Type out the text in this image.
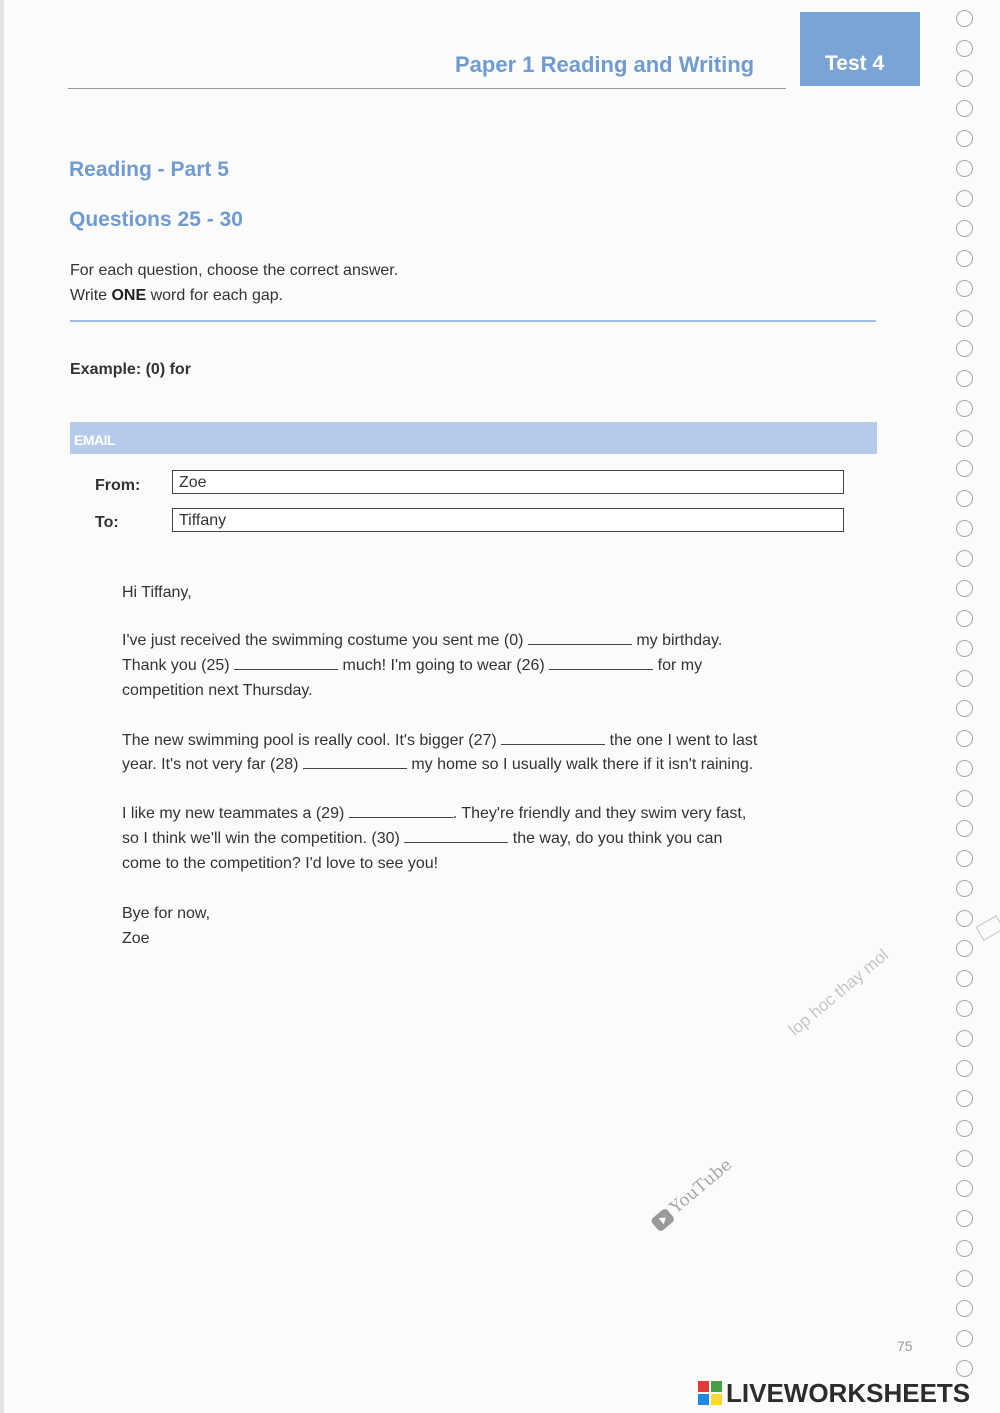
Paper 1 Reading and Writing	Test 4
Reading - Part 5
Questions 25 - 30
For each question, choose the correct answer.
Write ONE word for each gap.
Example: (0) for
EMAIL
From: Zoe
To:	Tiffany
Hi Tiffany,
I've just received the swimming costume you sent me (0)	my birthday.
Thank you (25)	much! I'm going to wear (26)	for my
competition next Thursday.
The new swimming pool is really cool. It's bigger (27)	the one I went to last
year. It's not very far (28)	my home so I usually walk there if it isn't raining.
I like my new teammates a (29)	. They're friendly and they swim very fast,
so I think we'll win the competition. (30)	the way, do you think you can
come to the competition? I'd love to see you!
Bye for now,
Zoe
lop hoc thay mol
YouTube
75
LIVEWORKSHEETS
